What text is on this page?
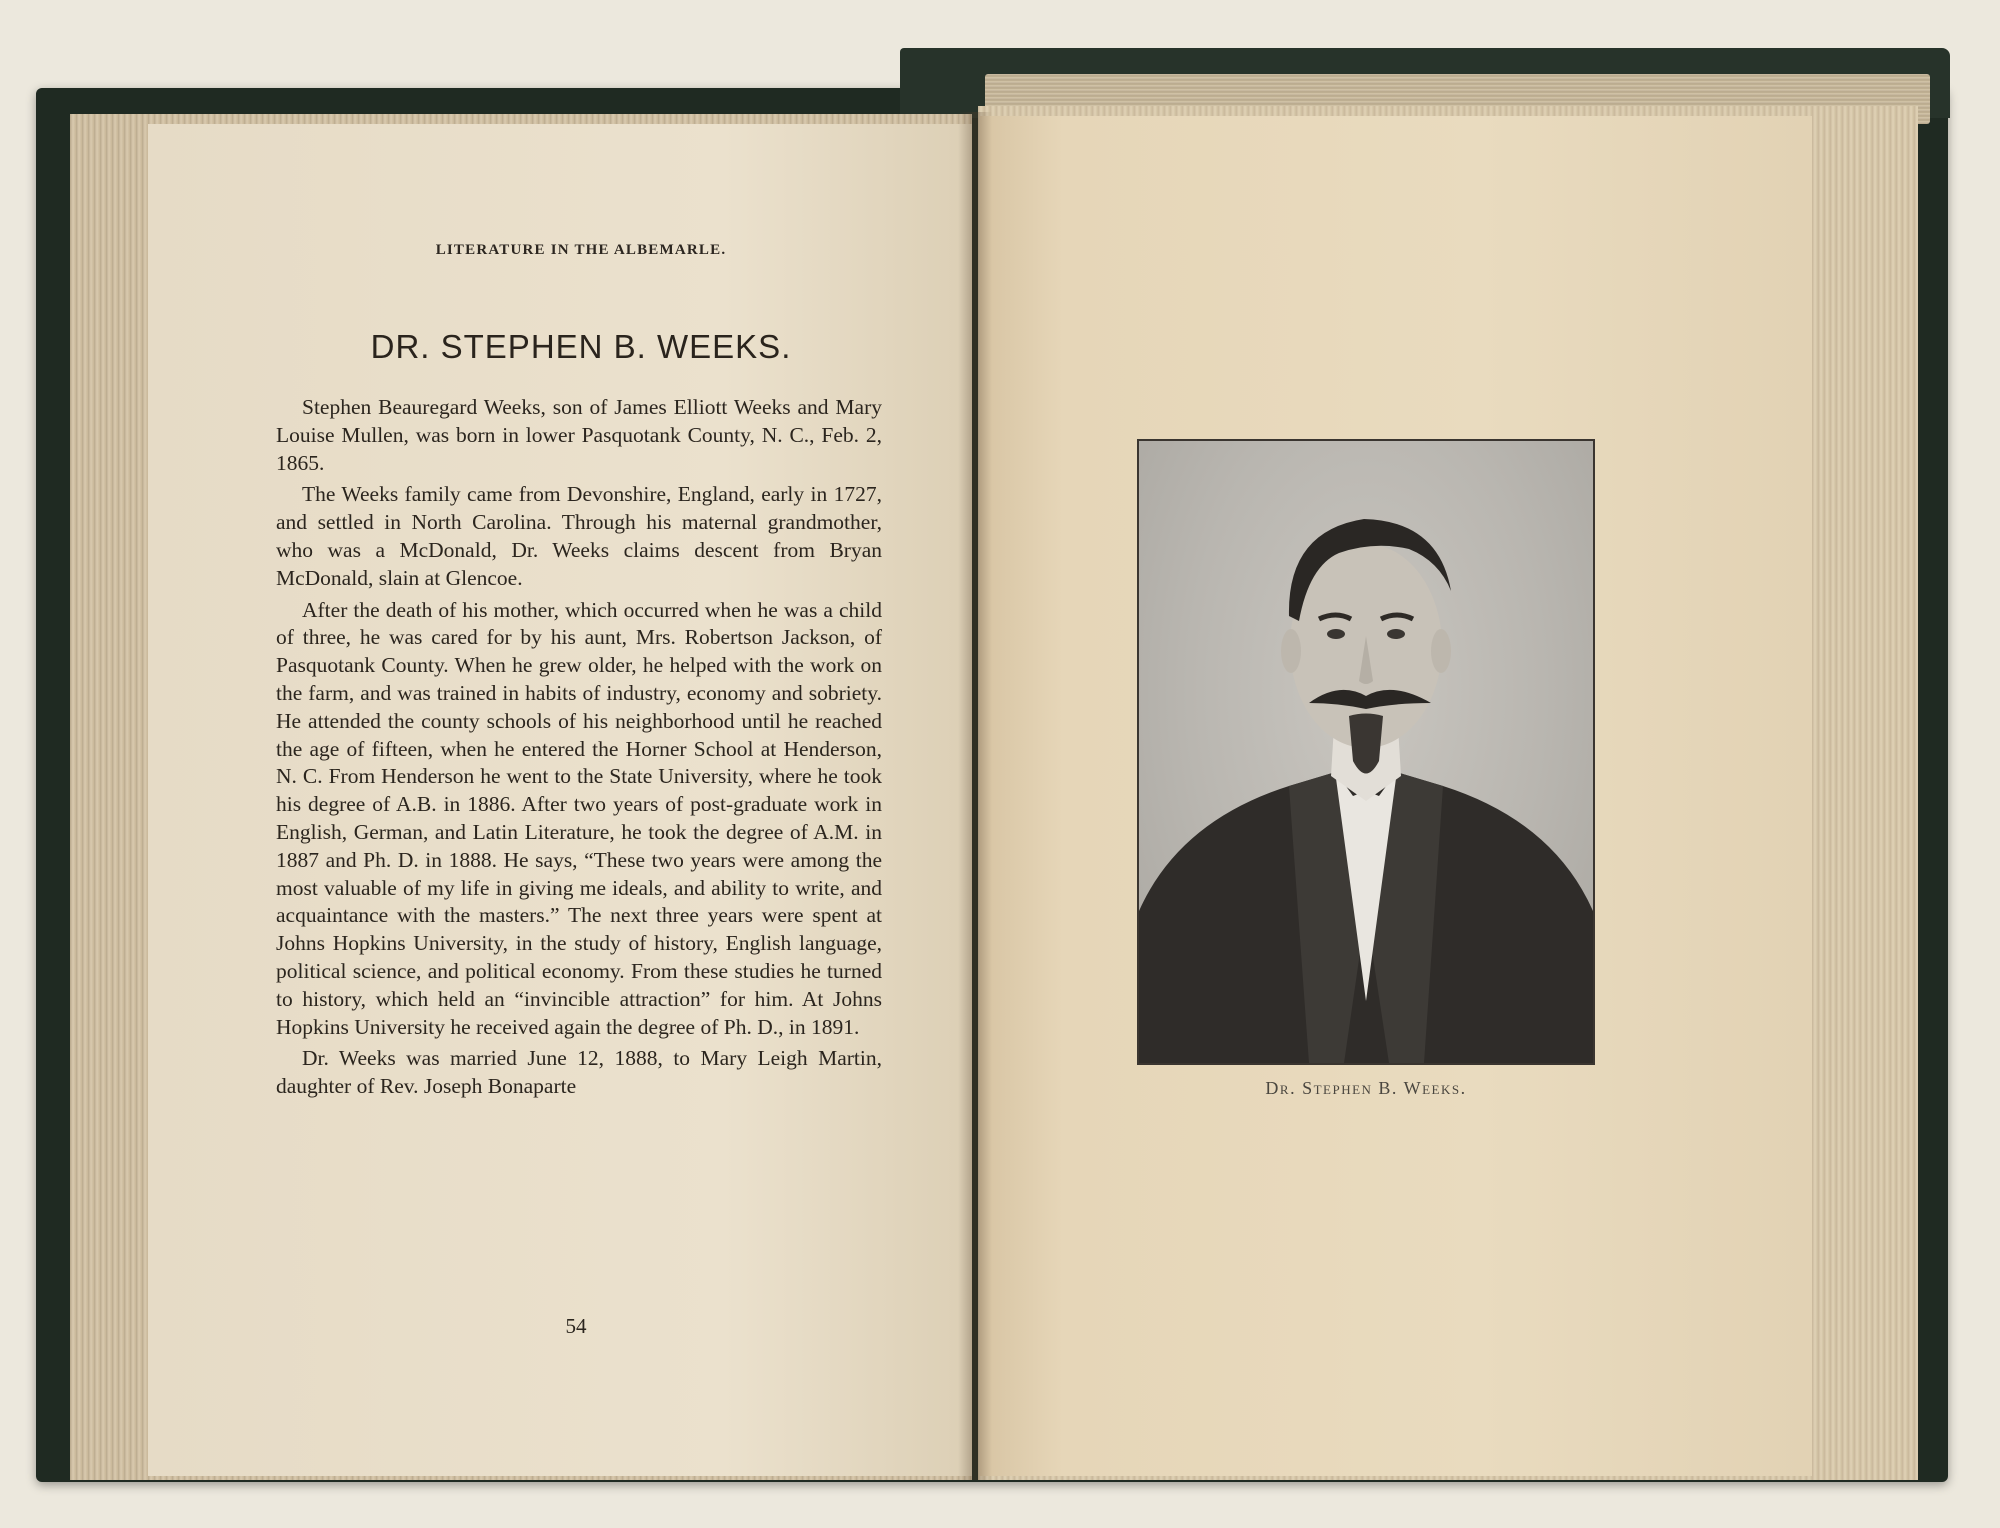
LITERATURE IN THE ALBEMARLE.
DR. STEPHEN B. WEEKS.

Stephen Beauregard Weeks, son of James Elliott Weeks and Mary Louise Mullen, was born in lower Pasquotank County, N. C., Feb. 2, 1865.

The Weeks family came from Devonshire, England, early in 1727, and settled in North Carolina. Through his maternal grandmother, who was a McDonald, Dr. Weeks claims descent from Bryan McDonald, slain at Glencoe.

After the death of his mother, which occurred when he was a child of three, he was cared for by his aunt, Mrs. Robertson Jackson, of Pasquotank County. When he grew older, he helped with the work on the farm, and was trained in habits of industry, economy and sobriety. He attended the county schools of his neighborhood until he reached the age of fifteen, when he entered the Horner School at Henderson, N. C. From Henderson he went to the State University, where he took his degree of A.B. in 1886. After two years of post-graduate work in English, German, and Latin Literature, he took the degree of A.M. in 1887 and Ph. D. in 1888. He says, “These two years were among the most valuable of my life in giving me ideals, and ability to write, and acquaintance with the masters.” The next three years were spent at Johns Hopkins University, in the study of history, English language, political science, and political economy. From these studies he turned to history, which held an “invincible attraction” for him. At Johns Hopkins University he received again the degree of Ph. D., in 1891.

Dr. Weeks was married June 12, 1888, to Mary Leigh Martin, daughter of Rev. Joseph Bonaparte

54
Dr. Stephen B. Weeks.
